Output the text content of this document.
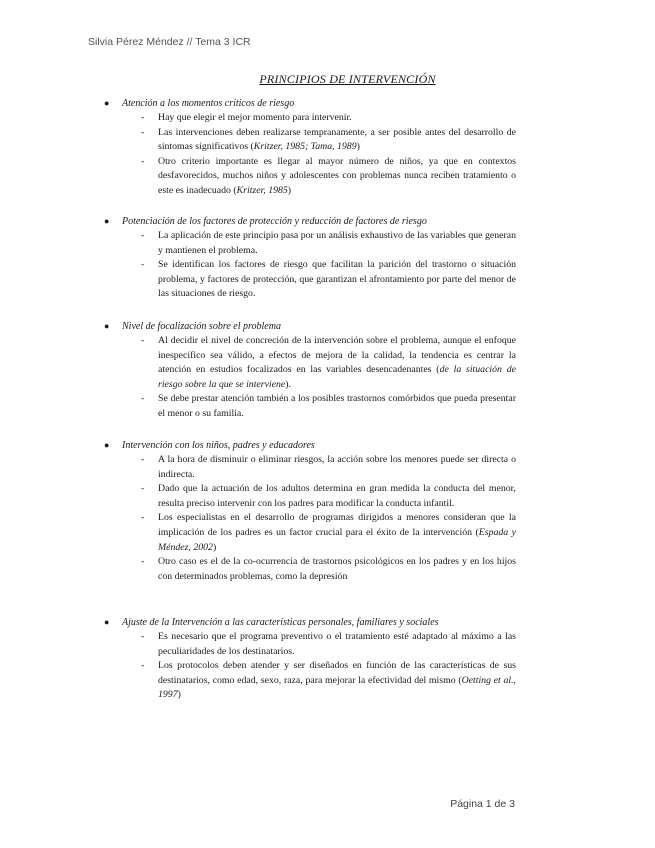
Silvia Pérez Méndez // Tema 3 ICR
PRINCIPIOS DE INTERVENCIÓN
● Atención a los momentos críticos de riesgo
- Hay que elegir el mejor momento para intervenir.
- Las intervenciones deben realizarse tempranamente, a ser posible antes del desarrollo de síntomas significativos (Kritzer, 1985; Tama, 1989)
- Otro criterio importante es llegar al mayor número de niños, ya que en contextos desfavorecidos, muchos niños y adolescentes con problemas nunca reciben tratamiento o este es inadecuado (Kritzer, 1985)
● Potenciación de los factores de protección y reducción de factores de riesgo
- La aplicación de este principio pasa por un análisis exhaustivo de las variables que generan y mantienen el problema.
- Se identifican los factores de riesgo que facilitan la parición del trastorno o situación problema, y factores de protección, que garantizan el afrontamiento por parte del menor de las situaciones de riesgo.
● Nivel de focalización sobre el problema
- Al decidir el nivel de concreción de la intervención sobre el problema, aunque el enfoque inespecífico sea válido, a efectos de mejora de la calidad, la tendencia es centrar la atención en estudios focalizados en las variables desencadenantes (de la situación de riesgo sobre la que se interviene).
- Se debe prestar atención también a los posibles trastornos comórbidos que pueda presentar el menor o su familia.
● Intervención con los niños, padres y educadores
- A la hora de disminuir o eliminar riesgos, la acción sobre los menores puede ser directa o indirecta.
- Dado que la actuación de los adultos determina en gran medida la conducta del menor, resulta preciso intervenir con los padres para modificar la conducta infantil.
- Los especialistas en el desarrollo de programas dirigidos a menores consideran que la implicación de los padres es un factor crucial para el éxito de la intervención (Espada y Méndez, 2002)
- Otro caso es el de la co-ocurrencia de trastornos psicológicos en los padres y en los hijos con determinados problemas, como la depresión
● Ajuste de la Intervención a las características personales, familiares y sociales
- Es necesario que el programa preventivo o el tratamiento esté adaptado al máximo a las peculiaridades de los destinatarios.
- Los protocolos deben atender y ser diseñados en función de las características de sus destinatarios, como edad, sexo, raza, para mejorar la efectividad del mismo (Oetting et al., 1997)
Página 1 de 3
